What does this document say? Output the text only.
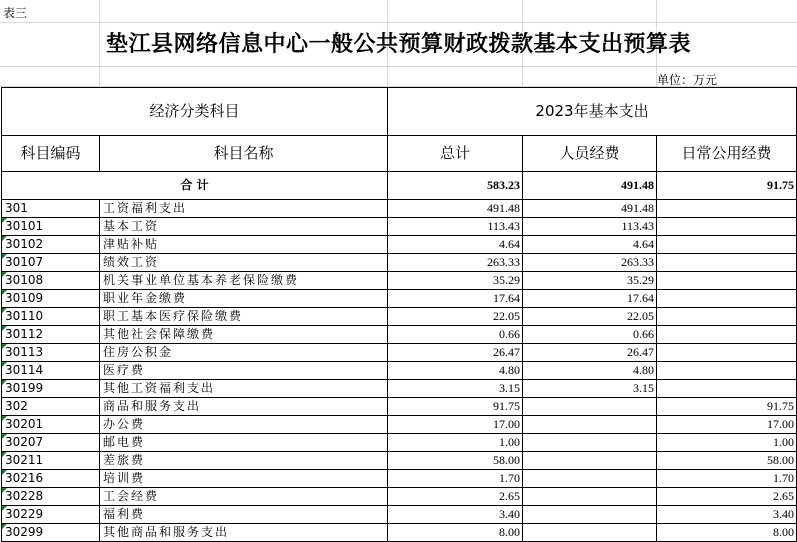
表三
垫江县网络信息中心一般公共预算财政拨款基本支出预算表
单位：万元
经济分类科目		2023年基本支出		
科目编码	科目名称	总计	人员经费	日常公用经费
合 计		583.23	491.48	91.75
301	工资福利支出	491.48	491.48	

30101	基本工资	113.43	113.43	

30102	津贴补贴	4.64	4.64	

30107	绩效工资	263.33	263.33	

30108	机关事业单位基本养老保险缴费	35.29	35.29	

30109	职业年金缴费	17.64	17.64	

30110	职工基本医疗保险缴费	22.05	22.05	

30112	其他社会保障缴费	0.66	0.66	

30113	住房公积金	26.47	26.47	

30114	医疗费	4.80	4.80	

30199	其他工资福利支出	3.15	3.15	
302	商品和服务支出	91.75		91.75

30201	办公费	17.00		17.00

30207	邮电费	1.00		1.00

30211	差旅费	58.00		58.00

30216	培训费	1.70		1.70

30228	工会经费	2.65		2.65

30229	福利费	3.40		3.40

30299	其他商品和服务支出	8.00		8.00
